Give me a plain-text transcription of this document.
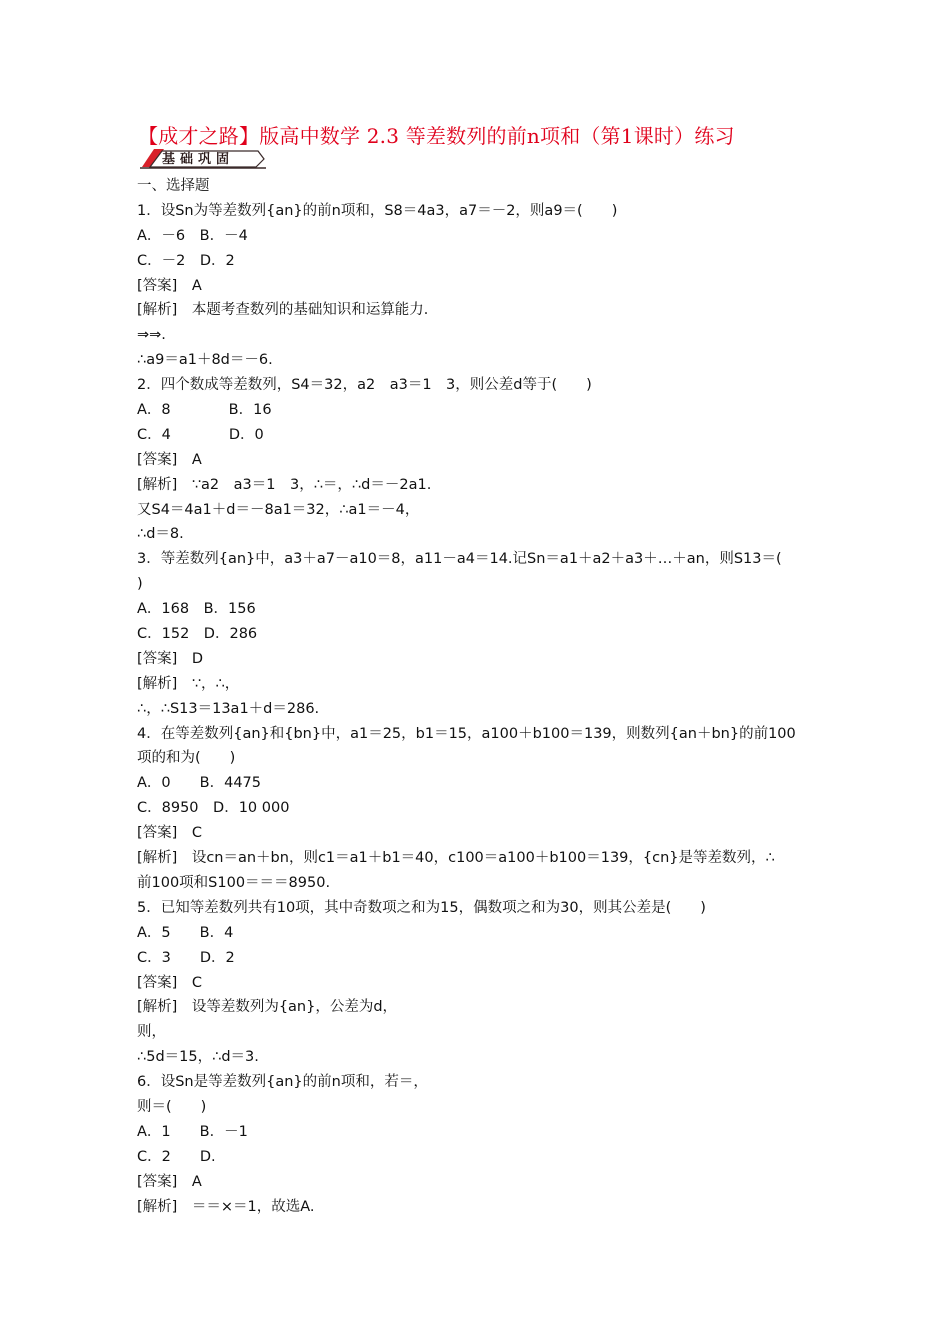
【成才之路】版高中数学 2.3 等差数列的前n项和（第1课时）练习
基础巩固
一、选择题
1．设Sn为等差数列{an}的前n项和，S8＝4a3，a7＝－2，则a9＝(　　)
A．－6　B．－4
C．－2　D．2
[答案]　A
[解析]　本题考查数列的基础知识和运算能力．
⇒⇒.
∴a9＝a1＋8d＝－6.
2．四个数成等差数列，S4＝32，a2　a3＝1　3，则公差d等于(　　)
A．8　　　　B．16
C．4　　　　D．0
[答案]　A
[解析]　∵a2　a3＝1　3，∴＝，∴d＝－2a1.
又S4＝4a1＋d＝－8a1＝32，∴a1＝－4，
∴d＝8.
3．等差数列{an}中，a3＋a7－a10＝8，a11－a4＝14.记Sn＝a1＋a2＋a3＋…＋an，则S13＝(
)
A．168　B．156
C．152　D．286
[答案]　D
[解析]　∵，∴，
∴，∴S13＝13a1＋d＝286.
4．在等差数列{an}和{bn}中，a1＝25，b1＝15，a100＋b100＝139，则数列{an＋bn}的前100
项的和为(　　)
A．0　　B．4475
C．8950　D．10 000
[答案]　C
[解析]　设cn＝an＋bn，则c1＝a1＋b1＝40，c100＝a100＋b100＝139，{cn}是等差数列，∴
前100项和S100＝＝＝8950.
5．已知等差数列共有10项，其中奇数项之和为15，偶数项之和为30，则其公差是(　　)
A．5　　B．4
C．3　　D．2
[答案]　C
[解析]　设等差数列为{an}，公差为d，
则，
∴5d＝15，∴d＝3.
6．设Sn是等差数列{an}的前n项和，若＝，
则＝(　　)
A．1　　B．－1
C．2　　D.
[答案]　A
[解析]　＝＝×＝1，故选A.
